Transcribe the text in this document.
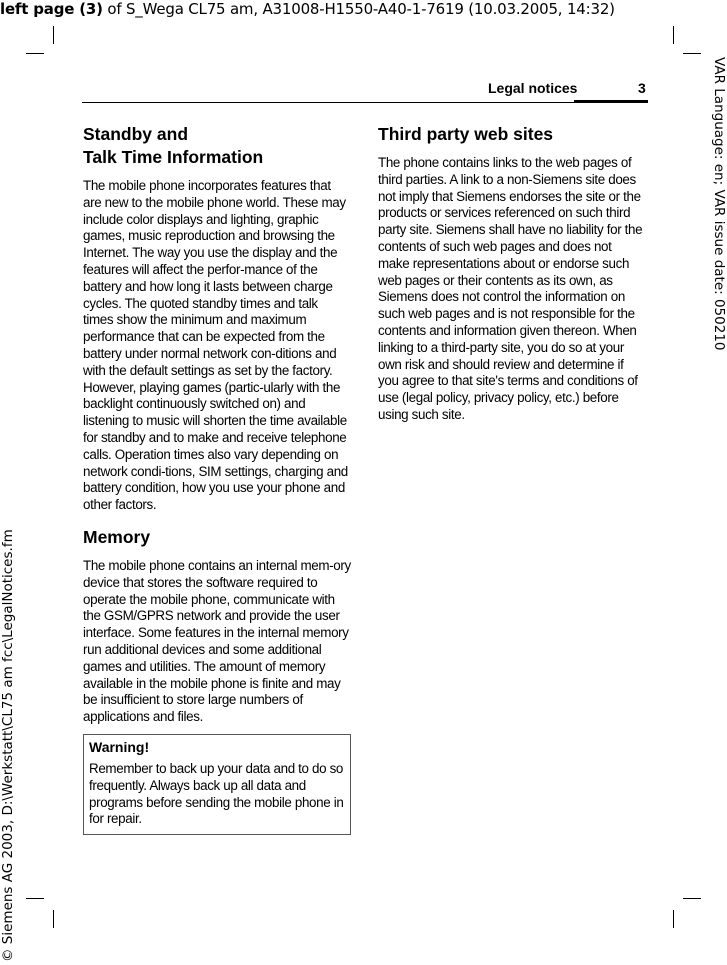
left page (3) of S_Wega CL75 am, A31008-H1550-A40-1-7619 (10.03.2005, 14:32)
VAR Language: en; VAR issue date: 050210
© Siemens AG 2003, D:\Werkstatt\CL75 am fcc\LegalNotices.fm
Legal notices	3
Standby and
Talk Time Information

The mobile phone incorporates features that are new to the mobile phone world. These may include color displays and lighting, graphic games, music reproduction and browsing the Internet. The way you use the display and the features will affect the perfor-mance of the battery and how long it lasts between charge cycles. The quoted standby times and talk times show the minimum and maximum performance that can be expected from the battery under normal network con-ditions and with the default settings as set by the factory. However, playing games (partic-ularly with the backlight continuously switched on) and listening to music will shorten the time available for standby and to make and receive telephone calls. Operation times also vary depending on network condi-tions, SIM settings, charging and battery condition, how you use your phone and other factors.

Memory

The mobile phone contains an internal mem-ory device that stores the software required to operate the mobile phone, communicate with the GSM/GPRS network and provide the user interface. Some features in the internal memory run additional devices and some additional games and utilities. The amount of memory available in the mobile phone is finite and may be insufficient to store large numbers of applications and files.

Warning!

Remember to back up your data and to do so frequently. Always back up all data and programs before sending the mobile phone in for repair.

Third party web sites

The phone contains links to the web pages of third parties. A link to a non-Siemens site does not imply that Siemens endorses the site or the products or services referenced on such third party site. Siemens shall have no liability for the contents of such web pages and does not make representations about or endorse such web pages or their contents as its own, as Siemens does not control the information on such web pages and is not responsible for the contents and information given thereon. When linking to a third-party site, you do so at your own risk and should review and determine if you agree to that site's terms and conditions of use (legal policy, privacy policy, etc.) before using such site.
